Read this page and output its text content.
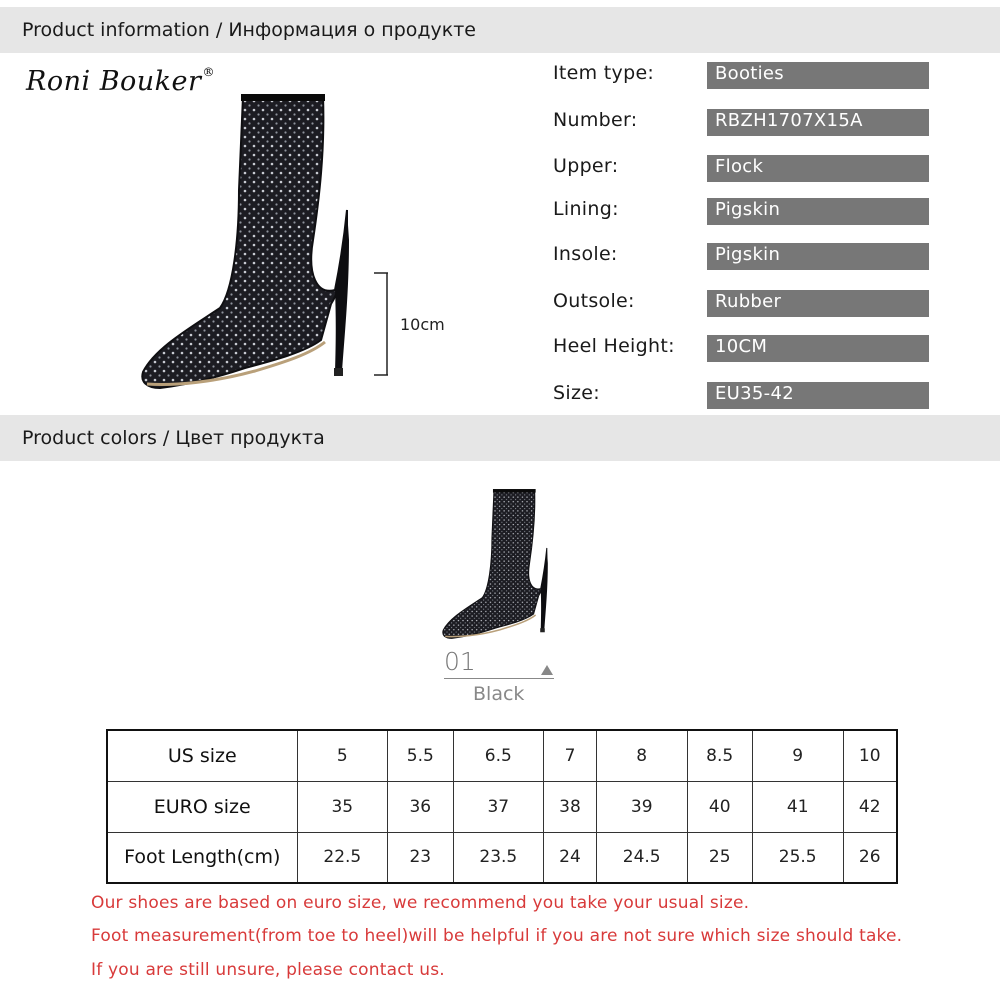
Product information / Информация о продукте
Roni Bouker®
10cm
Item type:	Booties
Number:	RBZH1707X15A
Upper:	Flock
Lining:	Pigskin
Insole:	Pigskin
Outsole:	Rubber
Heel Height:	10CM
Size:	EU35-42
Product colors / Цвет продукта
01
Black
US size	5	5.5	6.5	7	8	8.5	9	10
EURO size	35	36	37	38	39	40	41	42
Foot Length(cm)	22.5	23	23.5	24	24.5	25	25.5	26
Our shoes are based on euro size, we recommend you take your usual size.
Foot measurement(from toe to heel)will be helpful if you are not sure which size should take.
If you are still unsure, please contact us.
